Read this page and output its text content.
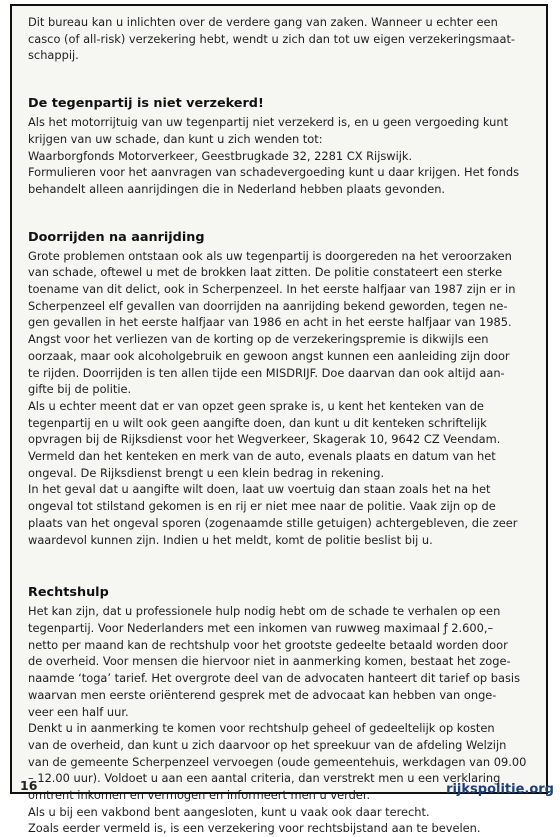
Dit bureau kan u inlichten over de verdere gang van zaken. Wanneer u echter een

casco (of all-risk) verzekering hebt, wendt u zich dan tot uw eigen verzekeringsmaat-

schappij.

De tegenpartij is niet verzekerd!

Als het motorrijtuig van uw tegenpartij niet verzekerd is, en u geen vergoeding kunt

krijgen van uw schade, dan kunt u zich wenden tot:

Waarborgfonds Motorverkeer, Geestbrugkade 32, 2281 CX Rijswijk.

Formulieren voor het aanvragen van schadevergoeding kunt u daar krijgen. Het fonds

behandelt alleen aanrijdingen die in Nederland hebben plaats gevonden.

Doorrijden na aanrijding

Grote problemen ontstaan ook als uw tegenpartij is doorgereden na het veroorzaken

van schade, oftewel u met de brokken laat zitten. De politie constateert een sterke

toename van dit delict, ook in Scherpenzeel. In het eerste halfjaar van 1987 zijn er in

Scherpenzeel elf gevallen van doorrijden na aanrijding bekend geworden, tegen ne-

gen gevallen in het eerste halfjaar van 1986 en acht in het eerste halfjaar van 1985.

Angst voor het verliezen van de korting op de verzekeringspremie is dikwijls een

oorzaak, maar ook alcoholgebruik en gewoon angst kunnen een aanleiding zijn door

te rijden. Doorrijden is ten allen tijde een MISDRIJF. Doe daarvan dan ook altijd aan-

gifte bij de politie.

Als u echter meent dat er van opzet geen sprake is, u kent het kenteken van de

tegenpartij en u wilt ook geen aangifte doen, dan kunt u dit kenteken schriftelijk

opvragen bij de Rijksdienst voor het Wegverkeer, Skagerak 10, 9642 CZ Veendam.

Vermeld dan het kenteken en merk van de auto, evenals plaats en datum van het

ongeval. De Rijksdienst brengt u een klein bedrag in rekening.

In het geval dat u aangifte wilt doen, laat uw voertuig dan staan zoals het na het

ongeval tot stilstand gekomen is en rij er niet mee naar de politie. Vaak zijn op de

plaats van het ongeval sporen (zogenaamde stille getuigen) achtergebleven, die zeer

waardevol kunnen zijn. Indien u het meldt, komt de politie beslist bij u.

Rechtshulp

Het kan zijn, dat u professionele hulp nodig hebt om de schade te verhalen op een

tegenpartij. Voor Nederlanders met een inkomen van ruwweg maximaal ƒ 2.600,–

netto per maand kan de rechtshulp voor het grootste gedeelte betaald worden door

de overheid. Voor mensen die hiervoor niet in aanmerking komen, bestaat het zoge-

naamde ‘toga’ tarief. Het overgrote deel van de advocaten hanteert dit tarief op basis

waarvan men eerste oriënterend gesprek met de advocaat kan hebben van onge-

veer een half uur.

Denkt u in aanmerking te komen voor rechtshulp geheel of gedeeltelijk op kosten

van de overheid, dan kunt u zich daarvoor op het spreekuur van de afdeling Welzijn

van de gemeente Scherpenzeel vervoegen (oude gemeentehuis, werkdagen van 09.00

– 12.00 uur). Voldoet u aan een aantal criteria, dan verstrekt men u een verklaring

omtrent inkomen en vermogen en informeert men u verder.

Als u bij een vakbond bent aangesloten, kunt u vaak ook daar terecht.

Zoals eerder vermeld is, is een verzekering voor rechtsbijstand aan te bevelen.

16	rijkspolitie.org
